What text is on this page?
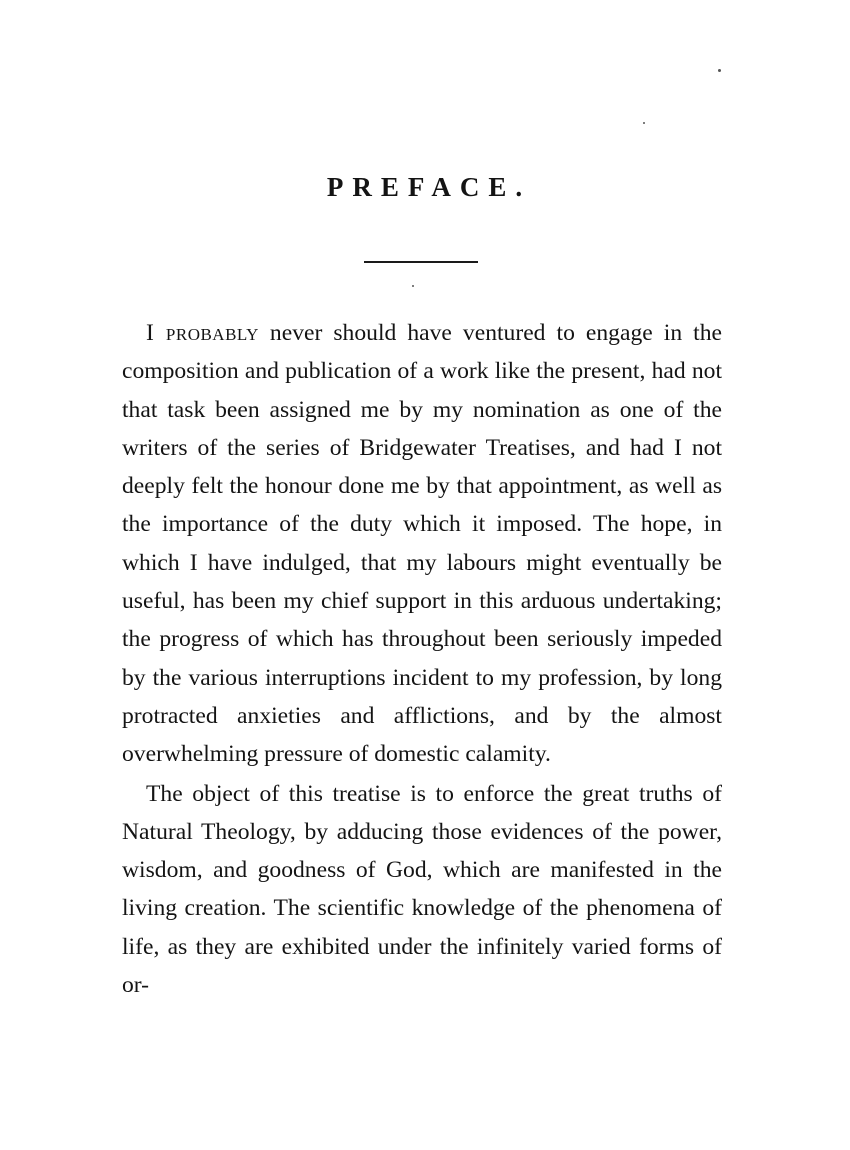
PREFACE.

I probably never should have ventured to engage in the composition and publication of a work like the present, had not that task been assigned me by my nomination as one of the writers of the series of Bridgewater Treatises, and had I not deeply felt the honour done me by that appointment, as well as the importance of the duty which it imposed. The hope, in which I have indulged, that my labours might eventually be useful, has been my chief support in this arduous undertaking; the progress of which has throughout been seriously impeded by the various interruptions incident to my profession, by long protracted anxieties and afflictions, and by the almost overwhelming pressure of domestic calamity.

The object of this treatise is to enforce the great truths of Natural Theology, by adducing those evidences of the power, wisdom, and goodness of God, which are manifested in the living creation. The scientific knowledge of the phenomena of life, as they are exhibited under the infinitely varied forms of or-
